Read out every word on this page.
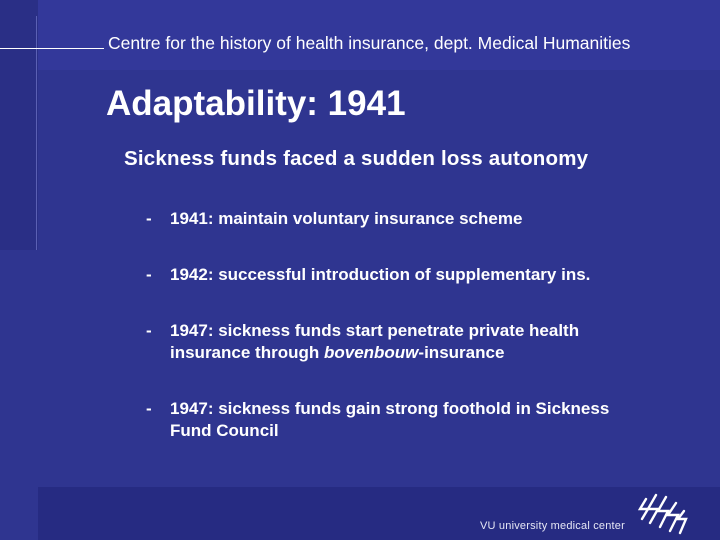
Centre for the history of health insurance, dept. Medical Humanities
Adaptability: 1941
Sickness funds faced a sudden loss autonomy
- 1941: maintain voluntary insurance scheme
- 1942: successful introduction of supplementary ins.
- 1947: sickness funds start penetrate private health
insurance through bovenbouw-insurance
- 1947: sickness funds gain strong foothold in Sickness
Fund Council
VU university medical center
